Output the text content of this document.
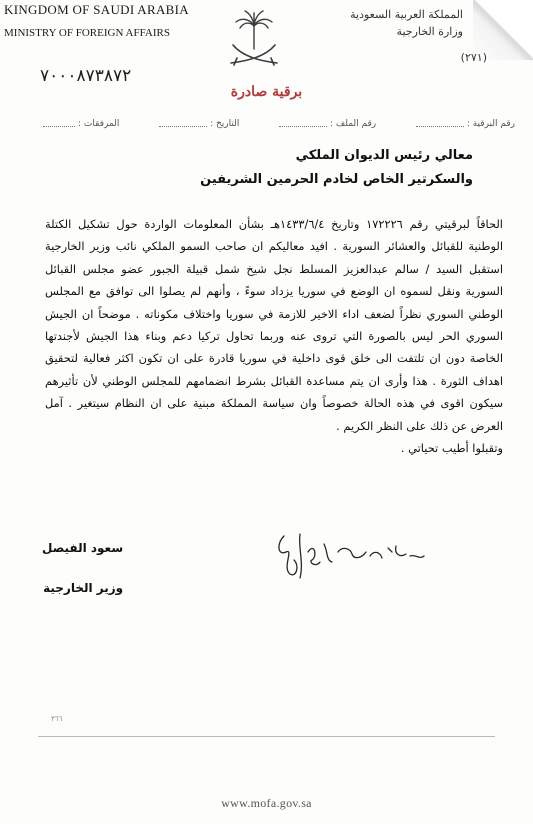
KINGDOM OF SAUDI ARABIA
MINISTRY OF FOREIGN AFFAIRS
٧٠٠٠٨٧٣٨٧٢
المملكة العربية السعودية
وزارة الخارجية
(٢٧١)
برقية صادرة
رقم البرقية :
رقم الملف :
التاريخ :
المرفقات :
معالي رئيس الديوان الملكي
والسكرتير الخاص لخادم الحرمين الشريفين

الحاقاً لبرقيتي رقم ١٧٢٢٢٦ وتاريخ ١٤٣٣/٦/٤هـ بشأن المعلومات الواردة حول تشكيل الكتلة الوطنية للقبائل والعشائر السورية . افيد معاليكم ان صاحب السمو الملكي نائب وزير الخارجية استقبل السيد / سالم عبدالعزيز المسلط نجل شيخ شمل قبيلة الجبور عضو مجلس القبائل السورية ونقل لسموه ان الوضع في سوريا يزداد سوءً ، وأنهم لم يصلوا الى توافق مع المجلس الوطني السوري نظراً لضعف اداء الاخير للازمة في سوريا واختلاف مكوناته . موضحاً ان الجيش السوري الحر ليس بالصورة التي تروى عنه وربما تحاول تركيا دعم وبناء هذا الجيش لأجندتها الخاصة دون ان تلتفت الى خلق قوى داخلية في سوريا قادرة على ان تكون اكثر فعالية لتحقيق اهداف الثورة . هذا وأرى ان يتم مساعدة القبائل بشرط انضمامهم للمجلس الوطني لأن تأثيرهم سيكون اقوى في هذه الحالة خصوصاً وان سياسة المملكة مبنية على ان النظام سيتغير . آمل العرض عن ذلك على النظر الكريم .

وتقبلوا أطيب تحياتي .

سعود الفيصل
وزير الخارجية
٣٦٦
www.mofa.gov.sa
